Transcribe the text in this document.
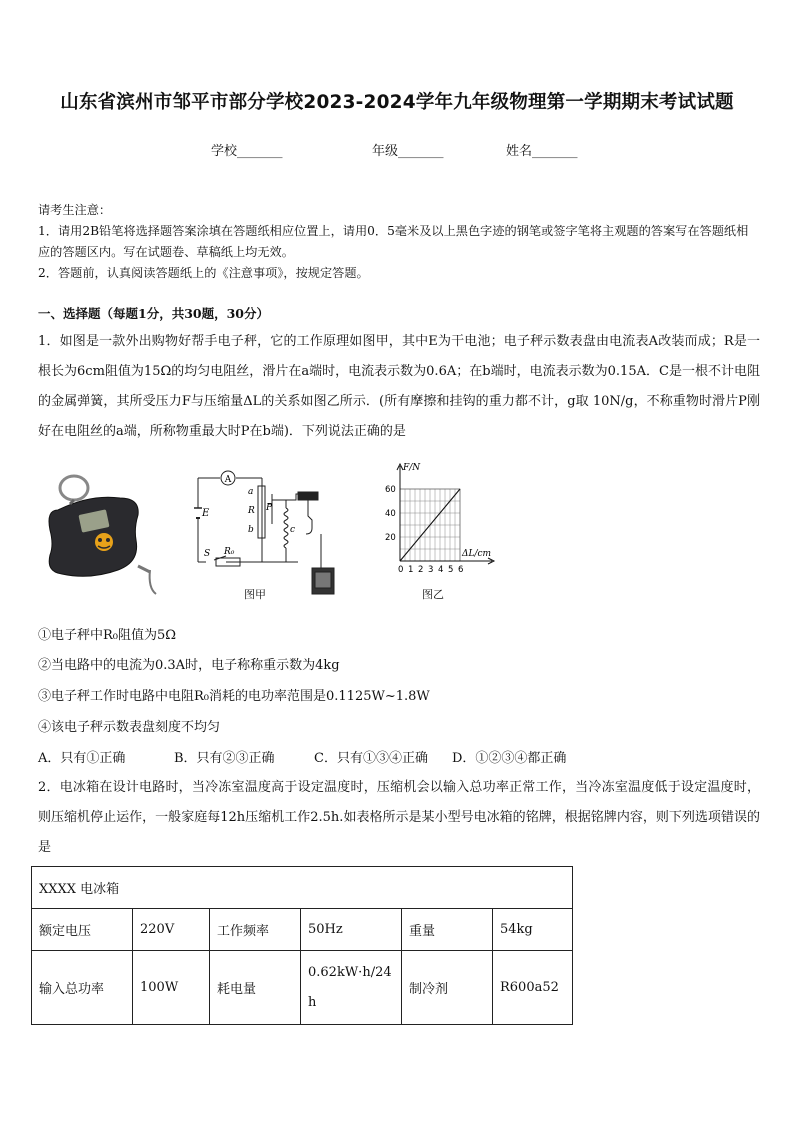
山东省滨州市邹平市部分学校2023-2024学年九年级物理第一学期期末考试试题
学校_______	年级_______	姓名_______
请考生注意：
1．请用2B铅笔将选择题答案涂填在答题纸相应位置上，请用0．5毫米及以上黑色字迹的钢笔或签字笔将主观题的答案写在答题纸相应的答题区内。写在试题卷、草稿纸上均无效。
2．答题前，认真阅读答题纸上的《注意事项》，按规定答题。
一、选择题（每题1分，共30题，30分）
1．如图是一款外出购物好帮手电子秤，它的工作原理如图甲，其中E为干电池；电子秤示数表盘由电流表A改装而成；R是一根长为6cm阻值为15Ω的均匀电阻丝，滑片在a端时，电流表示数为0.6A；在b端时，电流表示数为0.15A．C是一根不计电阻的金属弹簧，其所受压力F与压缩量ΔL的关系如图乙所示．(所有摩擦和挂钩的重力都不计，g取 10N/g，不称重物时滑片P刚好在电阻丝的a端，所称物重最大时P在b端)．下列说法正确的是
A
E
a
R
b
P
c
S R₀
图甲
F/N
ΔL/cm
0 1 2 3 4 5 6
20
40
60
图乙
①电子秤中R₀阻值为5Ω
②当电路中的电流为0.3A时，电子称称重示数为4kg
③电子秤工作时电路中电阻R₀消耗的电功率范围是0.1125W~1.8W
④该电子秤示数表盘刻度不均匀
A．只有①正确	B．只有②③正确	C．只有①③④正确 D．①②③④都正确
2．电冰箱在设计电路时，当冷冻室温度高于设定温度时，压缩机会以输入总功率正常工作，当冷冻室温度低于设定温度时，则压缩机停止运作，一般家庭每12h压缩机工作2.5h.如表格所示是某小型号电冰箱的铭牌，根据铭牌内容，则下列选项错误的是
XXXX 电冰箱					
额定电压	220V	工作频率	50Hz	重量	54kg
输入总功率	100W	耗电量	0.62kW·h/24h	制冷剂	R600a52
